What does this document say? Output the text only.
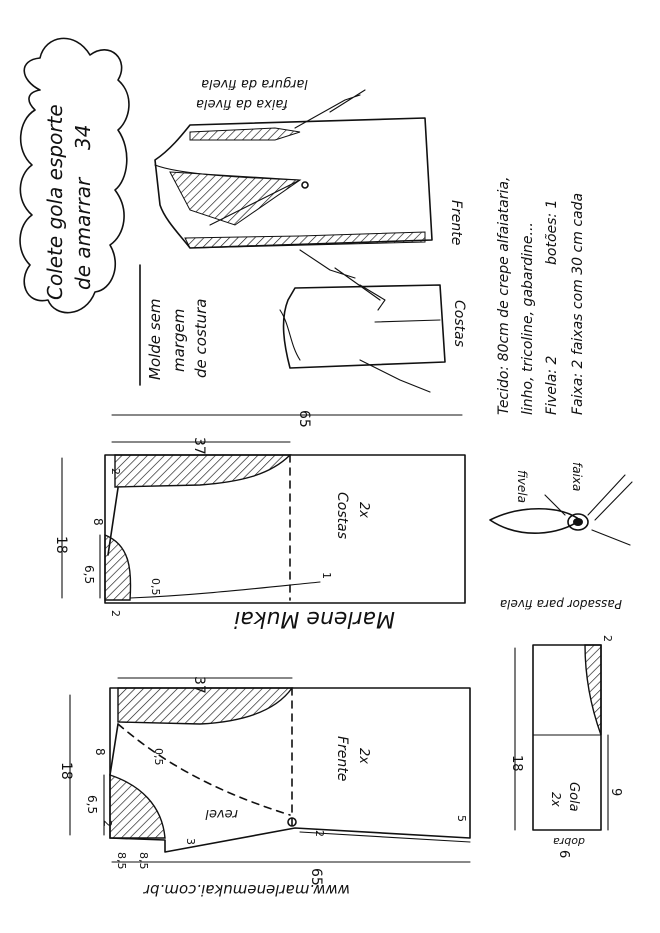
Colete gola esporte de amarrar
34
Molde sem margem de costura
Frente
largura da fivela
faixa da fivela
Costas Tecido: 80cm de crepe alfaiataria, linho, tricoline, gabardine... Fivela: 2
botões: 1 Faixa: 2 faixas com 30 cm cada
fivela	faixa
Passador para fivela
65
37
18
6,5
2
2
8
0,5
1
Costas 2x
Marlene Mukai
37
65
18
6,5
2
8	0,5
8,5 8,5
3
2
5
revel
Frente 2x	18
2
9
6
dobra
Gola
2x
www.marlenemukai.com.br
